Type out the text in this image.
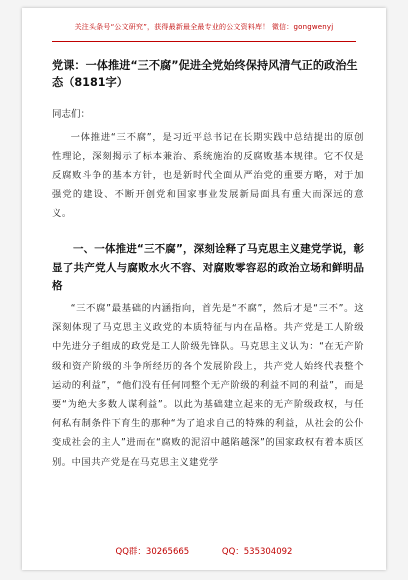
关注头条号“公文研究”，获得最新最全最专业的公文资料库！ 微信：gongwenyj
党课：一体推进“三不腐”促进全党始终保持风清气正的政治生态（8181字）
同志们：
一体推进“三不腐”，是习近平总书记在长期实践中总结提出的原创性理论，深刻揭示了标本兼治、系统施治的反腐败基本规律。它不仅是反腐败斗争的基本方针，也是新时代全面从严治党的重要方略，对于加强党的建设、不断开创党和国家事业发展新局面具有重大而深远的意义。
一、一体推进“三不腐”，深刻诠释了马克思主义建党学说，彰显了共产党人与腐败水火不容、对腐败零容忍的政治立场和鲜明品格
“三不腐”最基础的内涵指向，首先是“不腐”，然后才是“三不”。这深刻体现了马克思主义政党的本质特征与内在品格。共产党是工人阶级中先进分子组成的政党是工人阶级先锋队。马克思主义认为：“在无产阶级和资产阶级的斗争所经历的各个发展阶段上，共产党人始终代表整个运动的利益”，“他们没有任何同整个无产阶级的利益不同的利益”，而是要“为绝大多数人谋利益”。以此为基础建立起来的无产阶级政权，与任何私有制条件下育生的那种“为了追求自己的特殊的利益，从社会的公仆变成社会的主人”进而在“腐败的泥沼中越陷越深”的国家政权有着本质区别。中国共产党是在马克思主义建党学
QQ群：30265665	QQ：535304092
